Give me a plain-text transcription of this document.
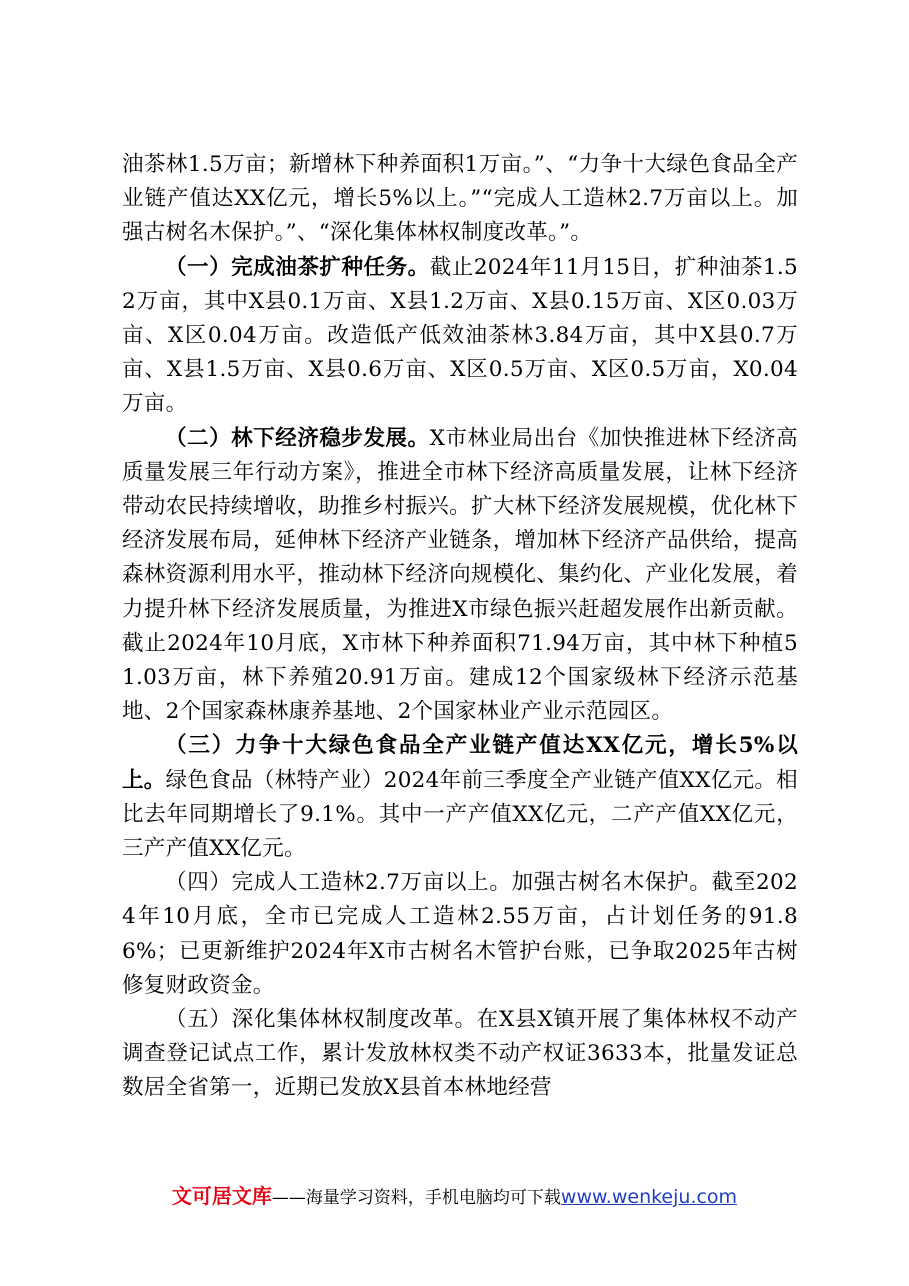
油茶林1.5万亩；新增林下种养面积1万亩。”、“力争十大绿色食品全产业链产值达XX亿元，增长5%以上。”“完成人工造林2.7万亩以上。加强古树名木保护。”、“深化集体林权制度改革。”。

（一）完成油茶扩种任务。截止2024年11月15日，扩种油茶1.52万亩，其中X县0.1万亩、X县1.2万亩、X县0.15万亩、X区0.03万亩、X区0.04万亩。改造低产低效油茶林3.84万亩，其中X县0.7万亩、X县1.5万亩、X县0.6万亩、X区0.5万亩、X区0.5万亩，X0.04万亩。

（二）林下经济稳步发展。X市林业局出台《加快推进林下经济高质量发展三年行动方案》，推进全市林下经济高质量发展，让林下经济带动农民持续增收，助推乡村振兴。扩大林下经济发展规模，优化林下经济发展布局，延伸林下经济产业链条，增加林下经济产品供给，提高森林资源利用水平，推动林下经济向规模化、集约化、产业化发展，着力提升林下经济发展质量，为推进X市绿色振兴赶超发展作出新贡献。截止2024年10月底，X市林下种养面积71.94万亩，其中林下种植51.03万亩，林下养殖20.91万亩。建成12个国家级林下经济示范基地、2个国家森林康养基地、2个国家林业产业示范园区。

（三）力争十大绿色食品全产业链产值达XX亿元，增长5%以上。绿色食品（林特产业）2024年前三季度全产业链产值XX亿元。相比去年同期增长了9.1%。其中一产产值XX亿元，二产产值XX亿元，三产产值XX亿元。

（四）完成人工造林2.7万亩以上。加强古树名木保护。截至2024年10月底，全市已完成人工造林2.55万亩，占计划任务的91.86%；已更新维护2024年X市古树名木管护台账，已争取2025年古树修复财政资金。

（五）深化集体林权制度改革。在X县X镇开展了集体林权不动产调查登记试点工作，累计发放林权类不动产权证3633本，批量发证总数居全省第一，近期已发放X县首本林地经营

文可居文库——海量学习资料，手机电脑均可下载www.wenkeju.com
